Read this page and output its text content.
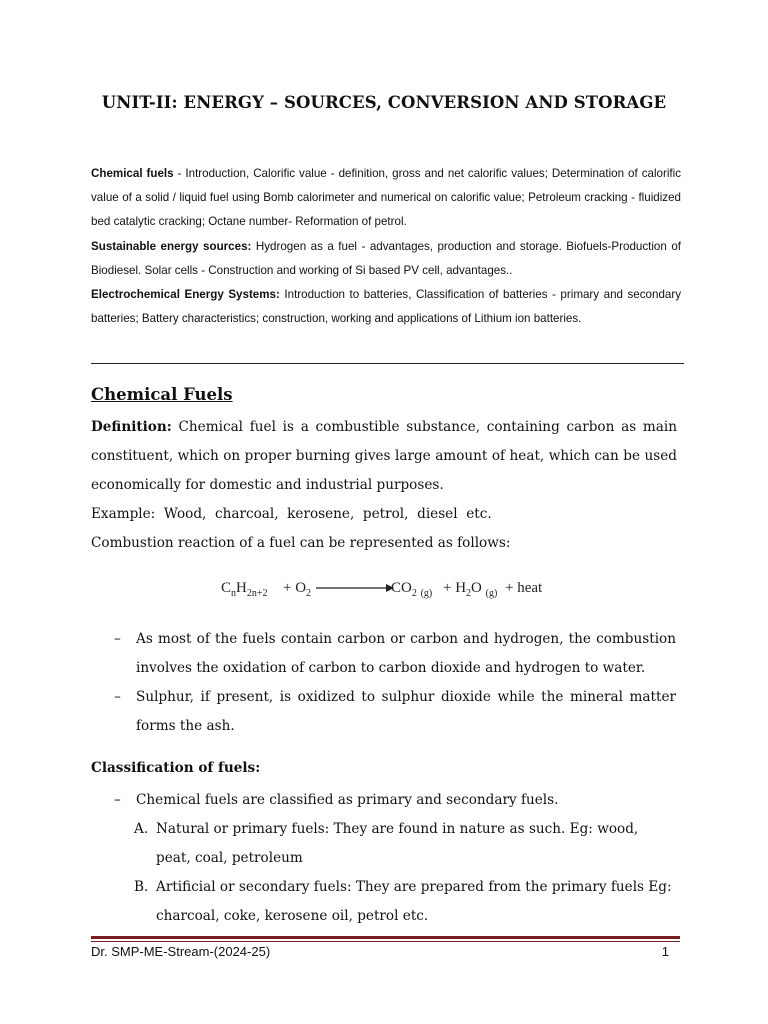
UNIT-II: ENERGY – SOURCES, CONVERSION AND STORAGE

Chemical fuels - Introduction, Calorific value - definition, gross and net calorific values; Determination of calorific value of a solid / liquid fuel using Bomb calorimeter and numerical on calorific value; Petroleum cracking - fluidized bed catalytic cracking; Octane number- Reformation of petrol.

Sustainable energy sources: Hydrogen as a fuel - advantages, production and storage. Biofuels-Production of Biodiesel. Solar cells - Construction and working of Si based PV cell, advantages..

Electrochemical Energy Systems: Introduction to batteries, Classification of batteries - primary and secondary batteries; Battery characteristics; construction, working and applications of Lithium ion batteries.

Chemical Fuels

Definition: Chemical fuel is a combustible substance, containing carbon as main constituent, which on proper burning gives large amount of heat, which can be used economically for domestic and industrial purposes.

Example:  Wood,  charcoal,  kerosene,  petrol,  diesel  etc.

Combustion reaction of a fuel can be represented as follows:

$C_nH_{2n+2} + O_2$	$CO_2$ $_{(g)} + H_2O$ $_{(g)}$ + heat
– As most of the fuels contain carbon or carbon and hydrogen, the combustion involves the oxidation of carbon to carbon dioxide and hydrogen to water.
– Sulphur, if present, is oxidized to sulphur dioxide while the mineral matter forms the ash.
Classification of fuels:
– Chemical fuels are classified as primary and secondary fuels.
A. Natural or primary fuels: They are found in nature as such. Eg: wood, peat, coal, petroleum
B. Artificial or secondary fuels: They are prepared from the primary fuels Eg: charcoal, coke, kerosene oil, petrol etc.
Dr. SMP-ME-Stream-(2024-25)	1
